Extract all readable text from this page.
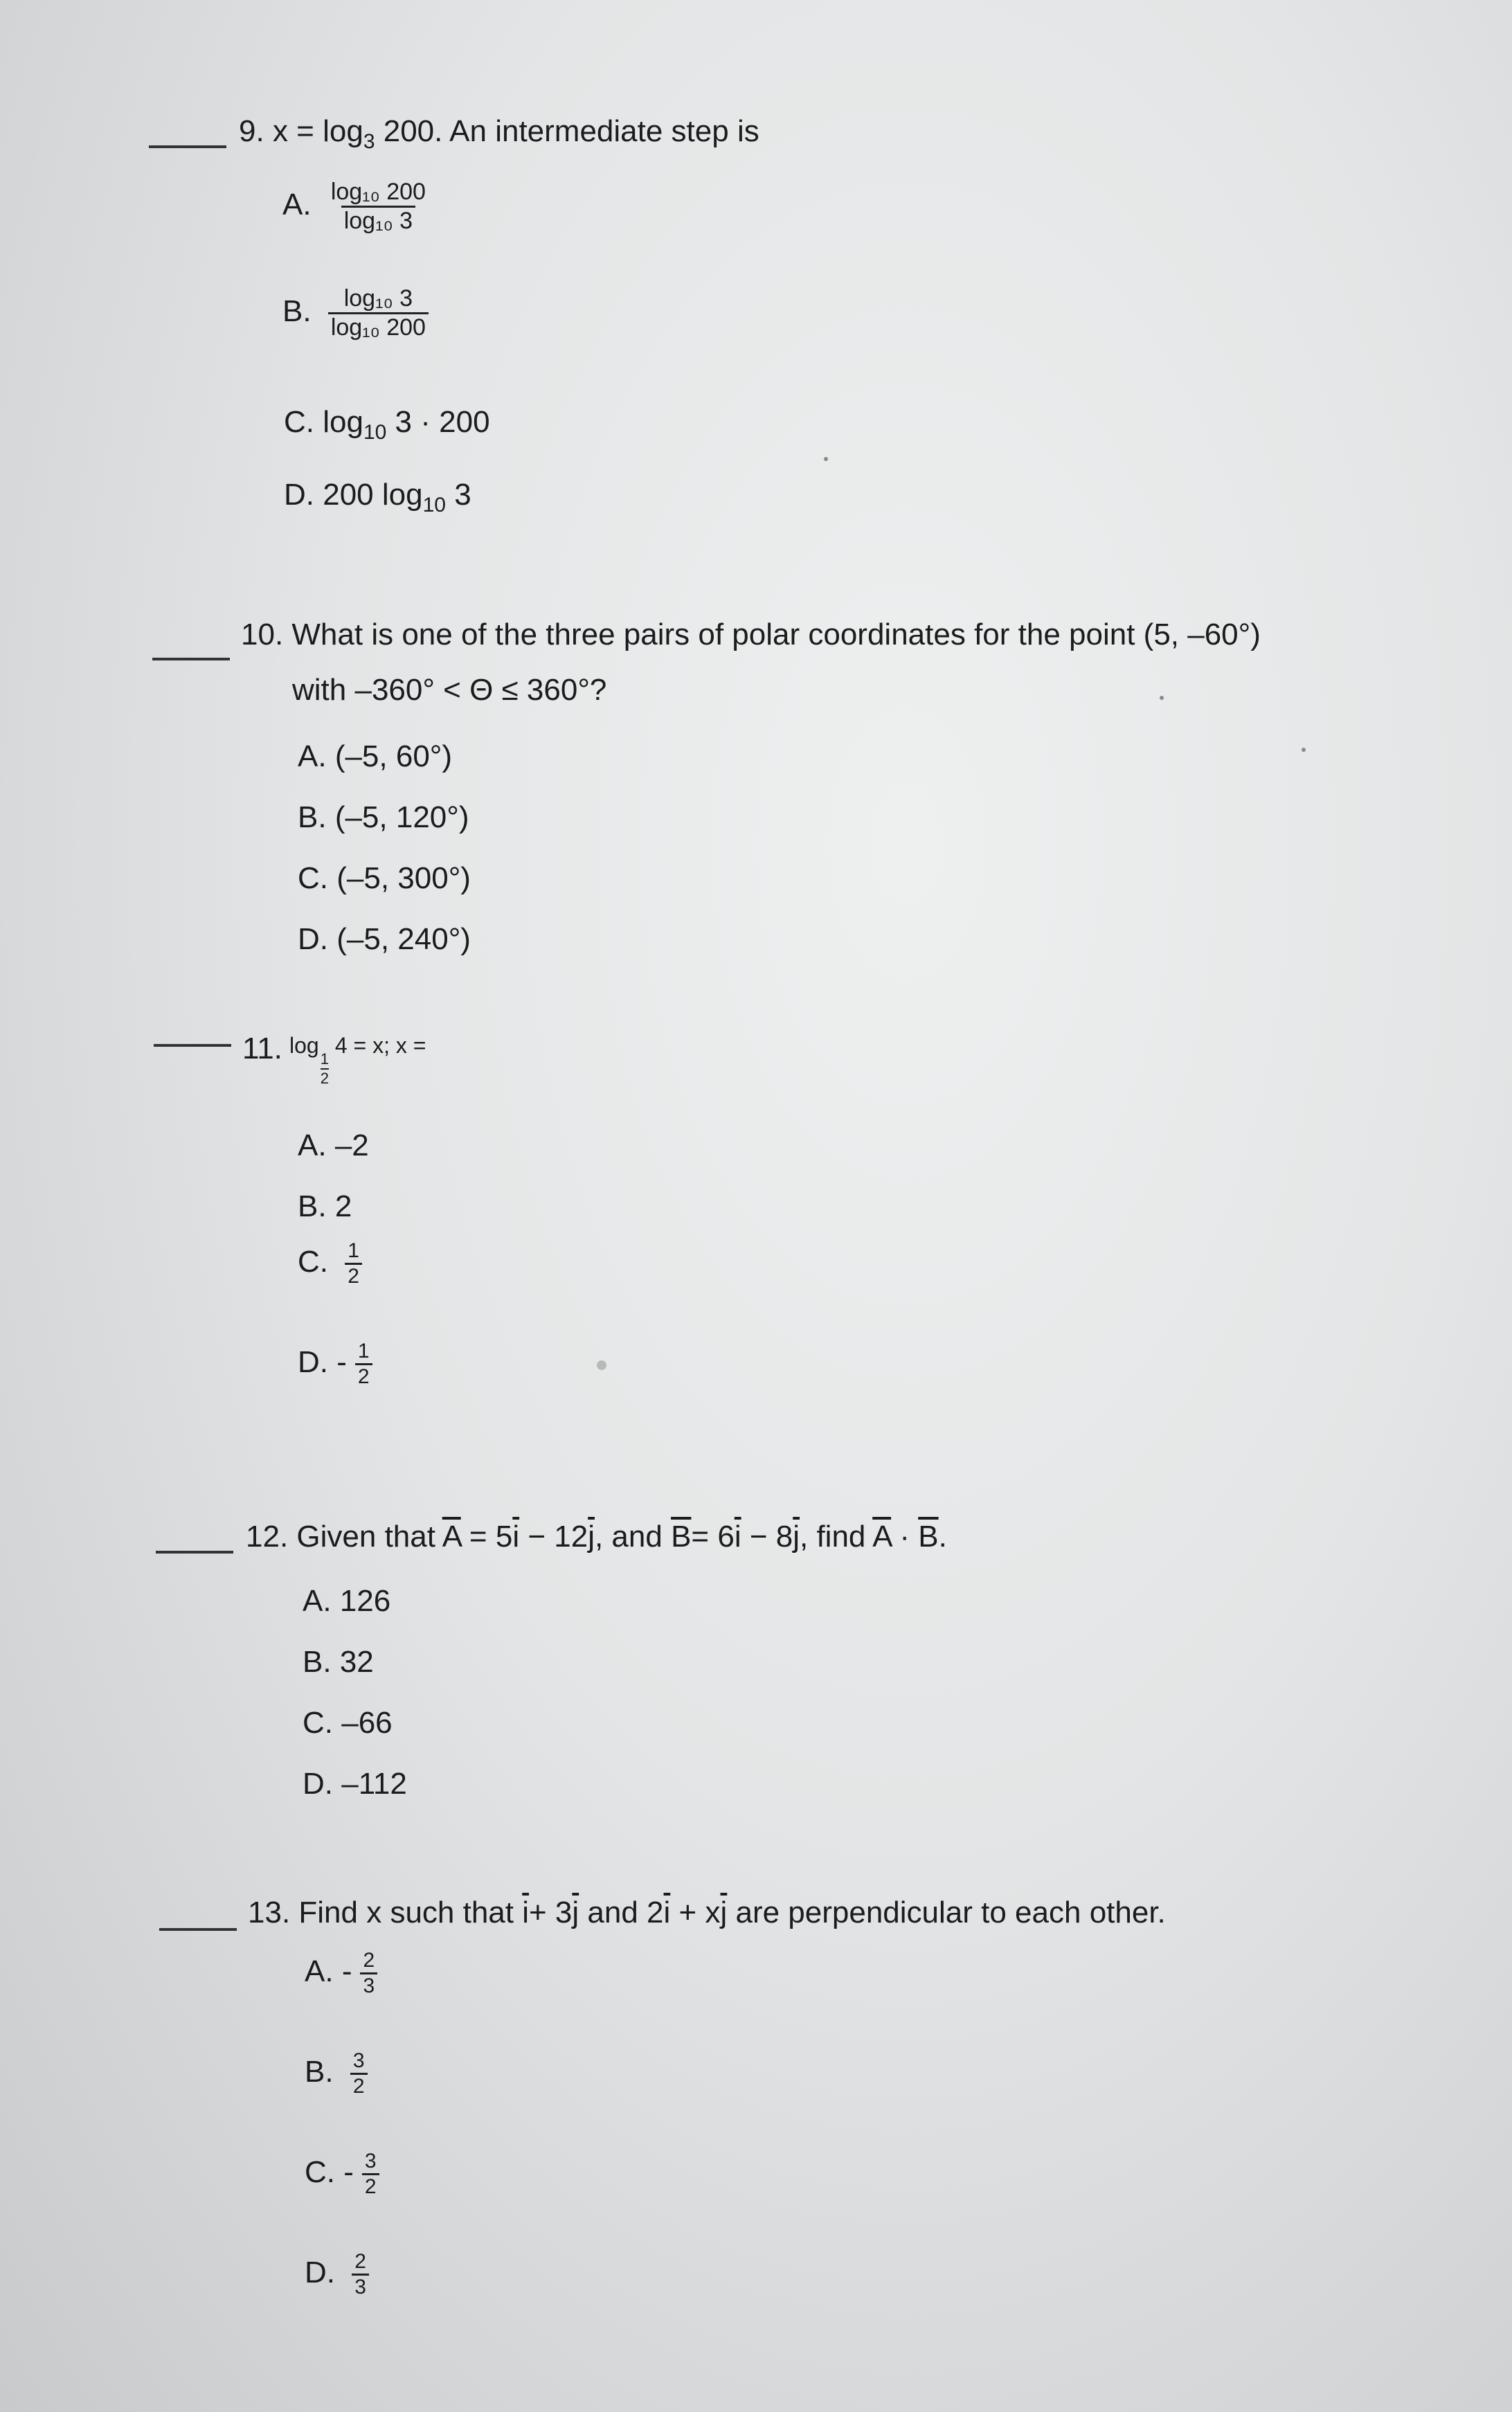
9. $x = \log_3 200$. An intermediate step is
A. $\frac{\text{log₁₀ 200}}{\text{log₁₀ 3}}$
B. $\frac{\text{log₁₀ 3}}{\text{log₁₀ 200}}$
C. $\log_{10} 3 \cdot 200$
D. 200 $\log_{10} 3$
10. What is one of the three pairs of polar coordinates for the point (5, –60°)
with –360° < Θ ≤ 360°?
A. (–5, 60°)
B. (–5, 120°)
C. (–5, 300°)
D. (–5, 240°)
11. log
$\frac{1}{2}$
4 = x; x =
A. –2
B. 2
C. $\frac{1}{2}$
D. - $\frac{1}{2}$
12. Given that $\overline{A} = 5\overline{i} - 12\overline{j}$, and $\overline{B}= 6\overline{i} - 8\overline{j}$, find $\overline{A} \cdot \overline{B}$.
A. 126
B. 32
C. –66
D. –112
13. Find x such that $\overline{i}+ 3\overline{j}$ and $2\overline{i} + x\overline{j}$ are perpendicular to each other.
A. - $\frac{2}{3}$
B. $\frac{3}{2}$
C. - $\frac{3}{2}$
D. $\frac{2}{3}$
